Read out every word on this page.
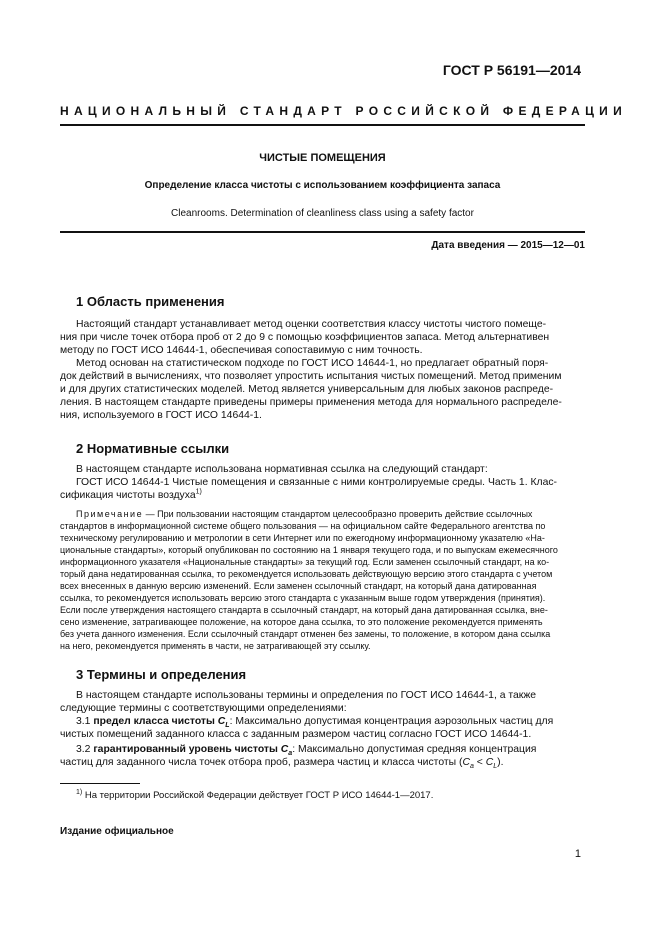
ГОСТ Р 56191—2014
НАЦИОНАЛЬНЫЙ СТАНДАРТ РОССИЙСКОЙ ФЕДЕРАЦИИ
ЧИСТЫЕ ПОМЕЩЕНИЯ
Определение класса чистоты с использованием коэффициента запаса
Cleanrooms. Determination of cleanliness class using a safety factor
Дата введения — 2015—12—01
1 Область применения
Настоящий стандарт устанавливает метод оценки соответствия классу чистоты чистого помеще-
ния при числе точек отбора проб от 2 до 9 с помощью коэффициентов запаса. Метод альтернативен
методу по ГОСТ ИСО 14644-1, обеспечивая сопоставимую с ним точность.
Метод основан на статистическом подходе по ГОСТ ИСО 14644-1, но предлагает обратный поря-
док действий в вычислениях, что позволяет упростить испытания чистых помещений. Метод применим
и для других статистических моделей. Метод является универсальным для любых законов распреде-
ления. В настоящем стандарте приведены примеры применения метода для нормального распределе-
ния, используемого в ГОСТ ИСО 14644-1.
2 Нормативные ссылки
В настоящем стандарте использована нормативная ссылка на следующий стандарт:
ГОСТ ИСО 14644-1 Чистые помещения и связанные с ними контролируемые среды. Часть 1. Клас-
сификация чистоты воздуха$^{1)}$
Примечание — При пользовании настоящим стандартом целесообразно проверить действие ссылочных
стандартов в информационной системе общего пользования — на официальном сайте Федерального агентства по
техническому регулированию и метрологии в сети Интернет или по ежегодному информационному указателю «На-
циональные стандарты», который опубликован по состоянию на 1 января текущего года, и по выпускам ежемесячного
информационного указателя «Национальные стандарты» за текущий год. Если заменен ссылочный стандарт, на ко-
торый дана недатированная ссылка, то рекомендуется использовать действующую версию этого стандарта с учетом
всех внесенных в данную версию изменений. Если заменен ссылочный стандарт, на который дана датированная
ссылка, то рекомендуется использовать версию этого стандарта с указанным выше годом утверждения (принятия).
Если после утверждения настоящего стандарта в ссылочный стандарт, на который дана датированная ссылка, вне-
сено изменение, затрагивающее положение, на которое дана ссылка, то это положение рекомендуется применять
без учета данного изменения. Если ссылочный стандарт отменен без замены, то положение, в котором дана ссылка
на него, рекомендуется применять в части, не затрагивающей эту ссылку.
3 Термины и определения
В настоящем стандарте использованы термины и определения по ГОСТ ИСО 14644-1, а также
следующие термины с соответствующими определениями:
3.1 предел класса чистоты $C_L$: Максимально допустимая концентрация аэрозольных частиц для
чистых помещений заданного класса с заданным размером частиц согласно ГОСТ ИСО 14644-1.
3.2 гарантированный уровень чистоты $C_a$: Максимально допустимая средняя концентрация
частиц для заданного числа точек отбора проб, размера частиц и класса чистоты $(C_a < C_L)$.
$^{1)}$ На территории Российской Федерации действует ГОСТ Р ИСО 14644-1—2017.
Издание официальное
1
